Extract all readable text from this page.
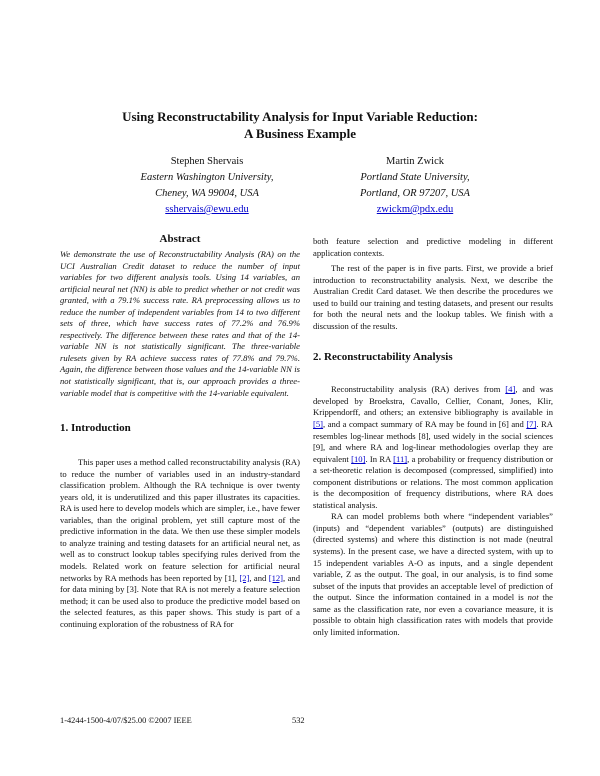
Using Reconstructability Analysis for Input Variable Reduction:
A Business Example
Stephen Shervais
Eastern Washington University,
Cheney, WA 99004, USA
sshervais@ewu.edu
Martin Zwick
Portland State University,
Portland, OR 97207, USA
zwickm@pdx.edu
Abstract

We demonstrate the use of Reconstructability Analysis (RA) on the UCI Australian Credit dataset to reduce the number of input variables for two different analysis tools. Using 14 variables, an artificial neural net (NN) is able to predict whether or not credit was granted, with a 79.1% success rate. RA preprocessing allows us to reduce the number of independent variables from 14 to two different sets of three, which have success rates of 77.2% and 76.9% respectively. The difference between these rates and that of the 14-variable NN is not statistically significant. The three-variable rulesets given by RA achieve success rates of 77.8% and 79.7%. Again, the difference between those values and the 14-variable NN is not statistically significant, that is, our approach provides a three-variable model that is competitive with the 14-variable equivalent.

1. Introduction

This paper uses a method called reconstructability analysis (RA) to reduce the number of variables used in an industry-standard classification problem. Although the RA technique is over twenty years old, it is underutilized and this paper illustrates its capacities. RA is used here to develop models which are simpler, i.e., have fewer variables, than the original problem, yet still capture most of the predictive information in the data. We then use these simpler models to analyze training and testing datasets for an artificial neural net, as well as to construct lookup tables specifying rules derived from the models. Related work on feature selection for artificial neural networks by RA methods has been reported by [1], [2], and [12], and for data mining by [3]. Note that RA is not merely a feature selection method; it can be used also to produce the predictive model based on the selected features, as this paper shows. This study is part of a continuing exploration of the robustness of RA for

both feature selection and predictive modeling in different application contexts.

The rest of the paper is in five parts. First, we provide a brief introduction to reconstructability analysis. Next, we describe the Australian Credit Card dataset. We then describe the procedures we used to build our training and testing datasets, and present our results for both the neural nets and the lookup tables. We finish with a discussion of the results.

2. Reconstructability Analysis

Reconstructability analysis (RA) derives from [4], and was developed by Broekstra, Cavallo, Cellier, Conant, Jones, Klir, Krippendorff, and others; an extensive bibliography is available in [5], and a compact summary of RA may be found in [6] and [7]. RA resembles log-linear methods [8], used widely in the social sciences [9], and where RA and log-linear methodologies overlap they are equivalent [10]. In RA [11], a probability or frequency distribution or a set-theoretic relation is decomposed (compressed, simplified) into component distributions or relations. The most common application is the decomposition of frequency distributions, where RA does statistical analysis.

RA can model problems both where “independent variables” (inputs) and “dependent variables” (outputs) are distinguished (directed systems) and where this distinction is not made (neutral systems). In the present case, we have a directed system, with up to 15 independent variables A-O as inputs, and a single dependent variable, Z as the output. The goal, in our analysis, is to find some subset of the inputs that provides an acceptable level of prediction of the output. Since the information contained in a model is not the same as the classification rate, nor even a covariance measure, it is possible to obtain high classification rates with models that provide only limited information.

1-4244-1500-4/07/$25.00 ©2007 IEEE	532
